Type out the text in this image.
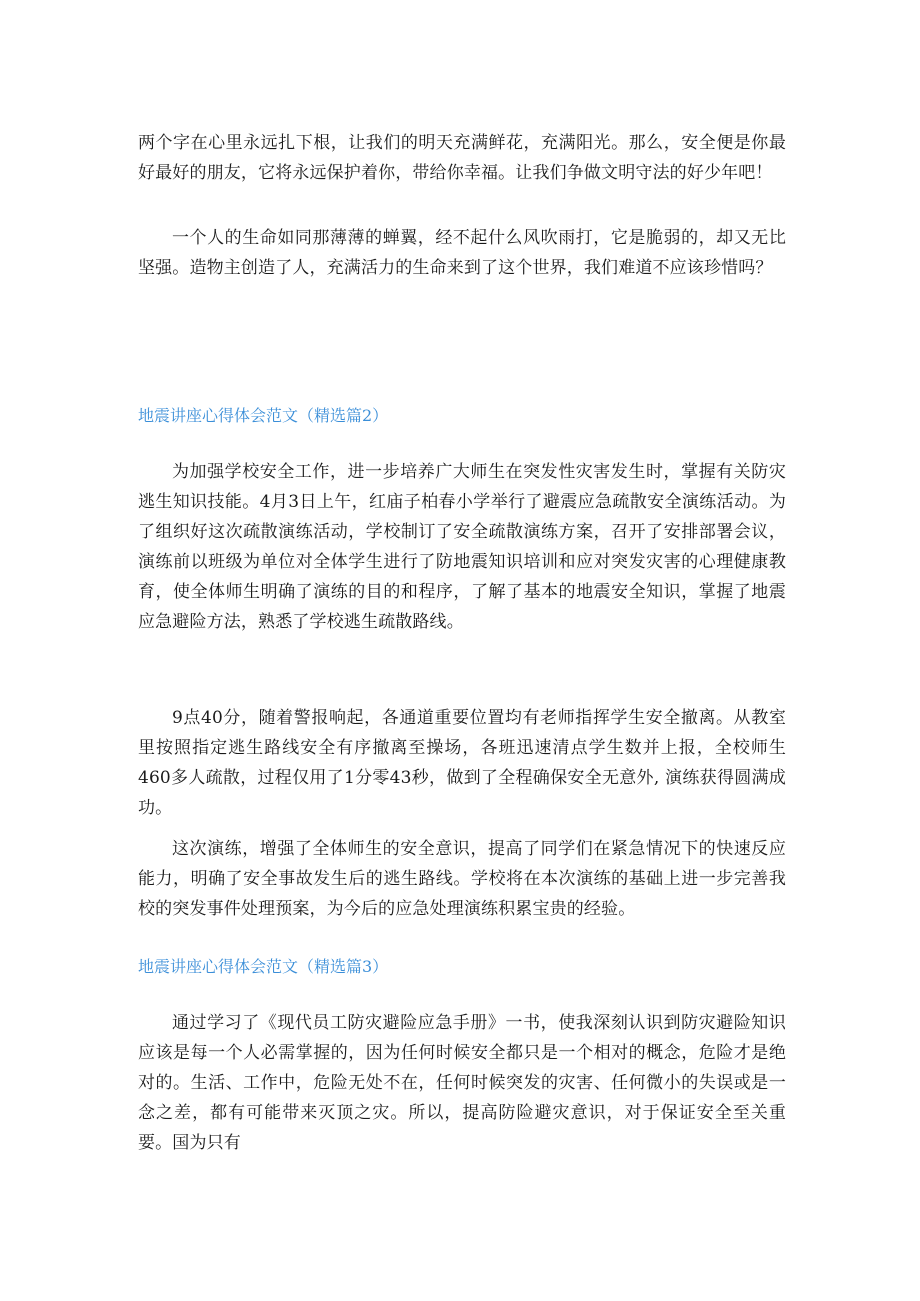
两个字在心里永远扎下根，让我们的明天充满鲜花，充满阳光。那么，安全便是你最好最好的朋友，它将永远保护着你，带给你幸福。让我们争做文明守法的好少年吧！

一个人的生命如同那薄薄的蝉翼，经不起什么风吹雨打，它是脆弱的，却又无比坚强。造物主创造了人，充满活力的生命来到了这个世界，我们难道不应该珍惜吗？

地震讲座心得体会范文（精选篇2）

为加强学校安全工作，进一步培养广大师生在突发性灾害发生时，掌握有关防灾逃生知识技能。4月3日上午，红庙子柏春小学举行了避震应急疏散安全演练活动。为了组织好这次疏散演练活动，学校制订了安全疏散演练方案，召开了安排部署会议，演练前以班级为单位对全体学生进行了防地震知识培训和应对突发灾害的心理健康教育，使全体师生明确了演练的目的和程序，了解了基本的地震安全知识，掌握了地震应急避险方法，熟悉了学校逃生疏散路线。

9点40分，随着警报响起，各通道重要位置均有老师指挥学生安全撤离。从教室里按照指定逃生路线安全有序撤离至操场，各班迅速清点学生数并上报，全校师生460多人疏散，过程仅用了1分零43秒，做到了全程确保安全无意外, 演练获得圆满成功。

这次演练，增强了全体师生的安全意识，提高了同学们在紧急情况下的快速反应能力，明确了安全事故发生后的逃生路线。学校将在本次演练的基础上进一步完善我校的突发事件处理预案，为今后的应急处理演练积累宝贵的经验。

地震讲座心得体会范文（精选篇3）

通过学习了《现代员工防灾避险应急手册》一书，使我深刻认识到防灾避险知识应该是每一个人必需掌握的，因为任何时候安全都只是一个相对的概念，危险才是绝对的。生活、工作中，危险无处不在，任何时候突发的灾害、任何微小的失误或是一念之差，都有可能带来灭顶之灾。所以，提高防险避灾意识，对于保证安全至关重要。国为只有
